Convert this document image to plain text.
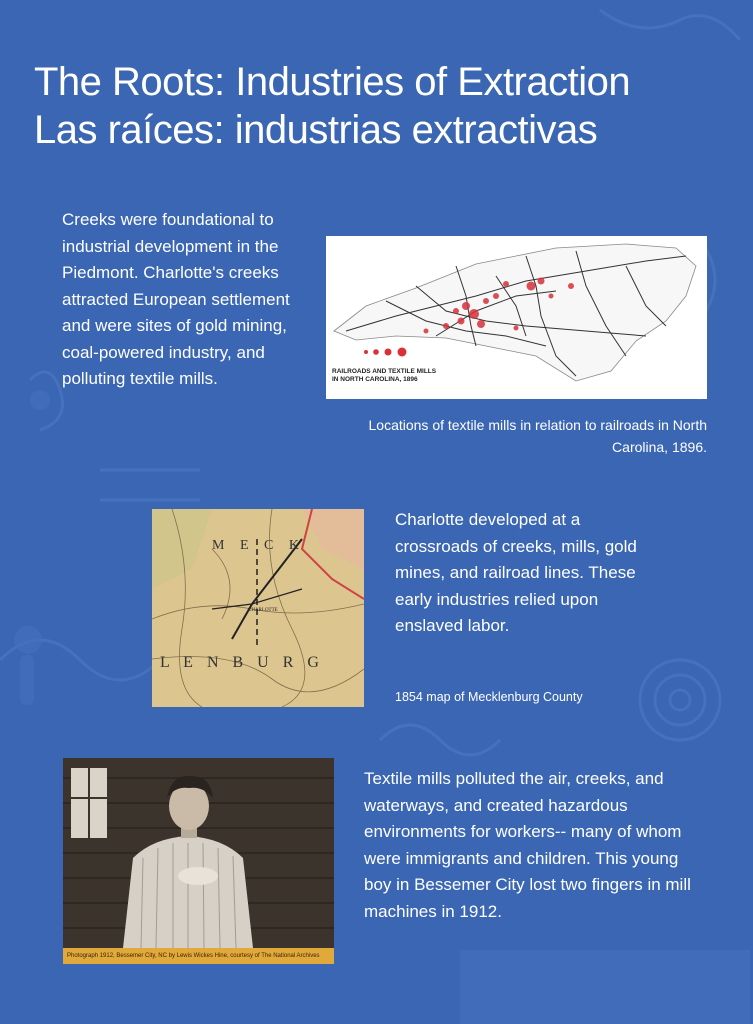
The Roots: Industries of Extraction
Las raíces: industrias extractivas

Creeks were foundational to industrial development in the Piedmont. Charlotte's creeks attracted European settlement and were sites of gold mining, coal-powered industry, and polluting textile mills.	RAILROADS AND TEXTILE MILLS
IN NORTH CAROLINA, 1896

Locations of textile mills in relation to railroads in North Carolina, 1896.

M E C K
L E N B U R G
CHARLOTTE

Charlotte developed at a crossroads of creeks, mills, gold mines, and railroad lines. These early industries relied upon enslaved labor.

1854 map of Mecklenburg County

Photograph 1912, Bessemer City, NC by Lewis Wickes Hine, courtesy of The National Archives

Textile mills polluted the air, creeks, and waterways, and created hazardous environments for workers-- many of whom were immigrants and children. This young boy in Bessemer City lost two fingers in mill machines in 1912.
